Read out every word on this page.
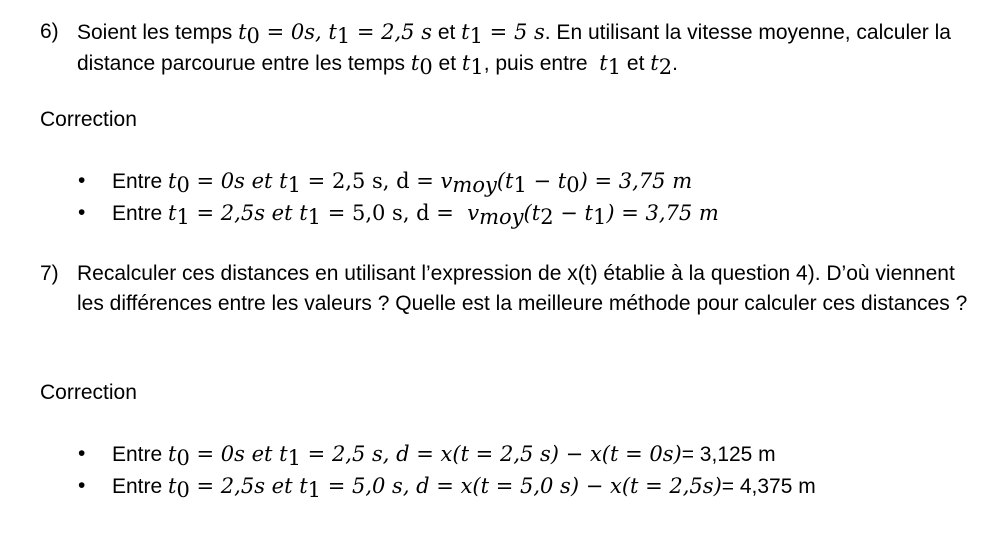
6) Soient les temps $t_0 = 0s$, $t_1 = 2,5$ s et $t_1 = 5$ s. En utilisant la vitesse moyenne, calculer la distance parcourue entre les temps $t_0$ et $t_1$, puis entre  $t_1$ et $t_2$.
Correction
•	Entre $t_0 = 0s$ et $t_1 = 2,5$ s, $d = v_{moy}(t_1 - t_0) = 3,75$ m
•	Entre $t_1 = 2,5s$ et $t_1 = 5,0$ s, $d = v_{moy}(t_2 - t_1) = 3,75$ m
7) Recalculer ces distances en utilisant l’expression de x(t) établie à la question 4). D’où viennent les différences entre les valeurs ? Quelle est la meilleure méthode pour calculer ces distances ?
Correction
•	Entre $t_0 = 0s$ et $t_1 = 2,5$ s, d = x(t = 2,5 s) − x(t = 0s)= 3,125 m
•	Entre $t_0 = 2,5s$ et $t_1 = 5,0$ s, d = x(t = 5,0 s) − x(t = 2,5s)= 4,375 m
